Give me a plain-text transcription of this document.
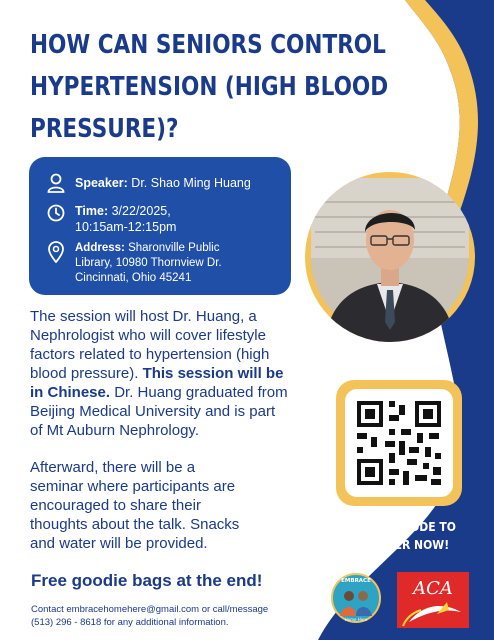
HOW CAN SENIORS CONTROL
HYPERTENSION (HIGH BLOOD
PRESSURE)?
Speaker: Dr. Shao Ming Huang
Time: 3/22/2025,
10:15am-12:15pm
Address: Sharonville Public
Library, 10980 Thornview Dr.
Cincinnati, Ohio 45241
The session will host Dr. Huang, a
Nephrologist who will cover lifestyle
factors related to hypertension (high
blood pressure). This session will be
in Chinese. Dr. Huang graduated from
Beijing Medical University and is part
of Mt Auburn Nephrology.
Afterward, there will be a
seminar where participants are
encouraged to share their
thoughts about the talk. Snacks
and water will be provided.
Free goodie bags at the end!
Contact embracehomehere@gmail.com or call/message
(513) 296 - 8618 for any additional information.
SCAN QR CODE TO
REGISTER NOW!
EMBRACE
Home Here
ACA
